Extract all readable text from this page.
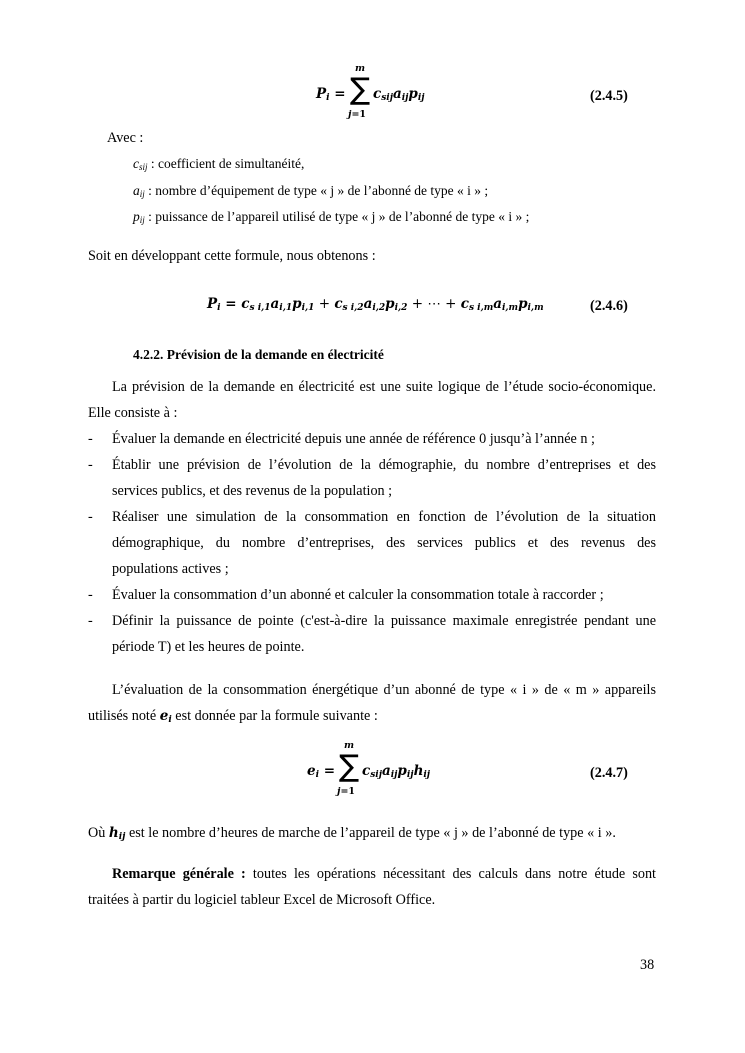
$P_i$ =
m
∑
j=1
$c_{sij}a_{ij}p_{ij}$	(2.4.5)
Avec :
$c_{sij}$ : coefficient de simultanéité,
$a_{ij}$ : nombre d’équipement de type « j » de l’abonné de type « i » ;
$p_{ij}$ : puissance de l’appareil utilisé de type « j » de l’abonné de type « i » ;
Soit en développant cette formule, nous obtenons :
$P_i = c_{s i,1}a_{i,1}p_{i,1} + c_{s i,2}a_{i,2}p_{i,2}$ + ⋯ + $c_{s i,m}a_{i,m}p_{i,m}$	(2.4.6)
4.2.2. Prévision de la demande en électricité
La prévision de la demande en électricité est une suite logique de l’étude socio-économique.
Elle consiste à :
- Évaluer la demande en électricité depuis une année de référence 0 jusqu’à l’année n ;
- Établir une prévision de l’évolution de la démographie, du nombre d’entreprises et des
services publics, et des revenus de la population ;
- Réaliser une simulation de la consommation en fonction de l’évolution de la situation
démographique, du nombre d’entreprises, des services publics et des revenus des
populations actives ;
- Évaluer la consommation d’un abonné et calculer la consommation totale à raccorder ;
- Définir la puissance de pointe (c'est-à-dire la puissance maximale enregistrée pendant une
période T) et les heures de pointe.
L’évaluation de la consommation énergétique d’un abonné de type « i » de « m » appareils
utilisés noté $e_i$ est donnée par la formule suivante :
$e_i$ =
m
∑
j=1
$c_{sij}a_{ij}p_{ij}h_{ij}$	(2.4.7)
Où $h_{ij}$ est le nombre d’heures de marche de l’appareil de type « j » de l’abonné de type « i ».
Remarque générale : toutes les opérations nécessitant des calculs dans notre étude sont
traitées à partir du logiciel tableur Excel de Microsoft Office.
38
